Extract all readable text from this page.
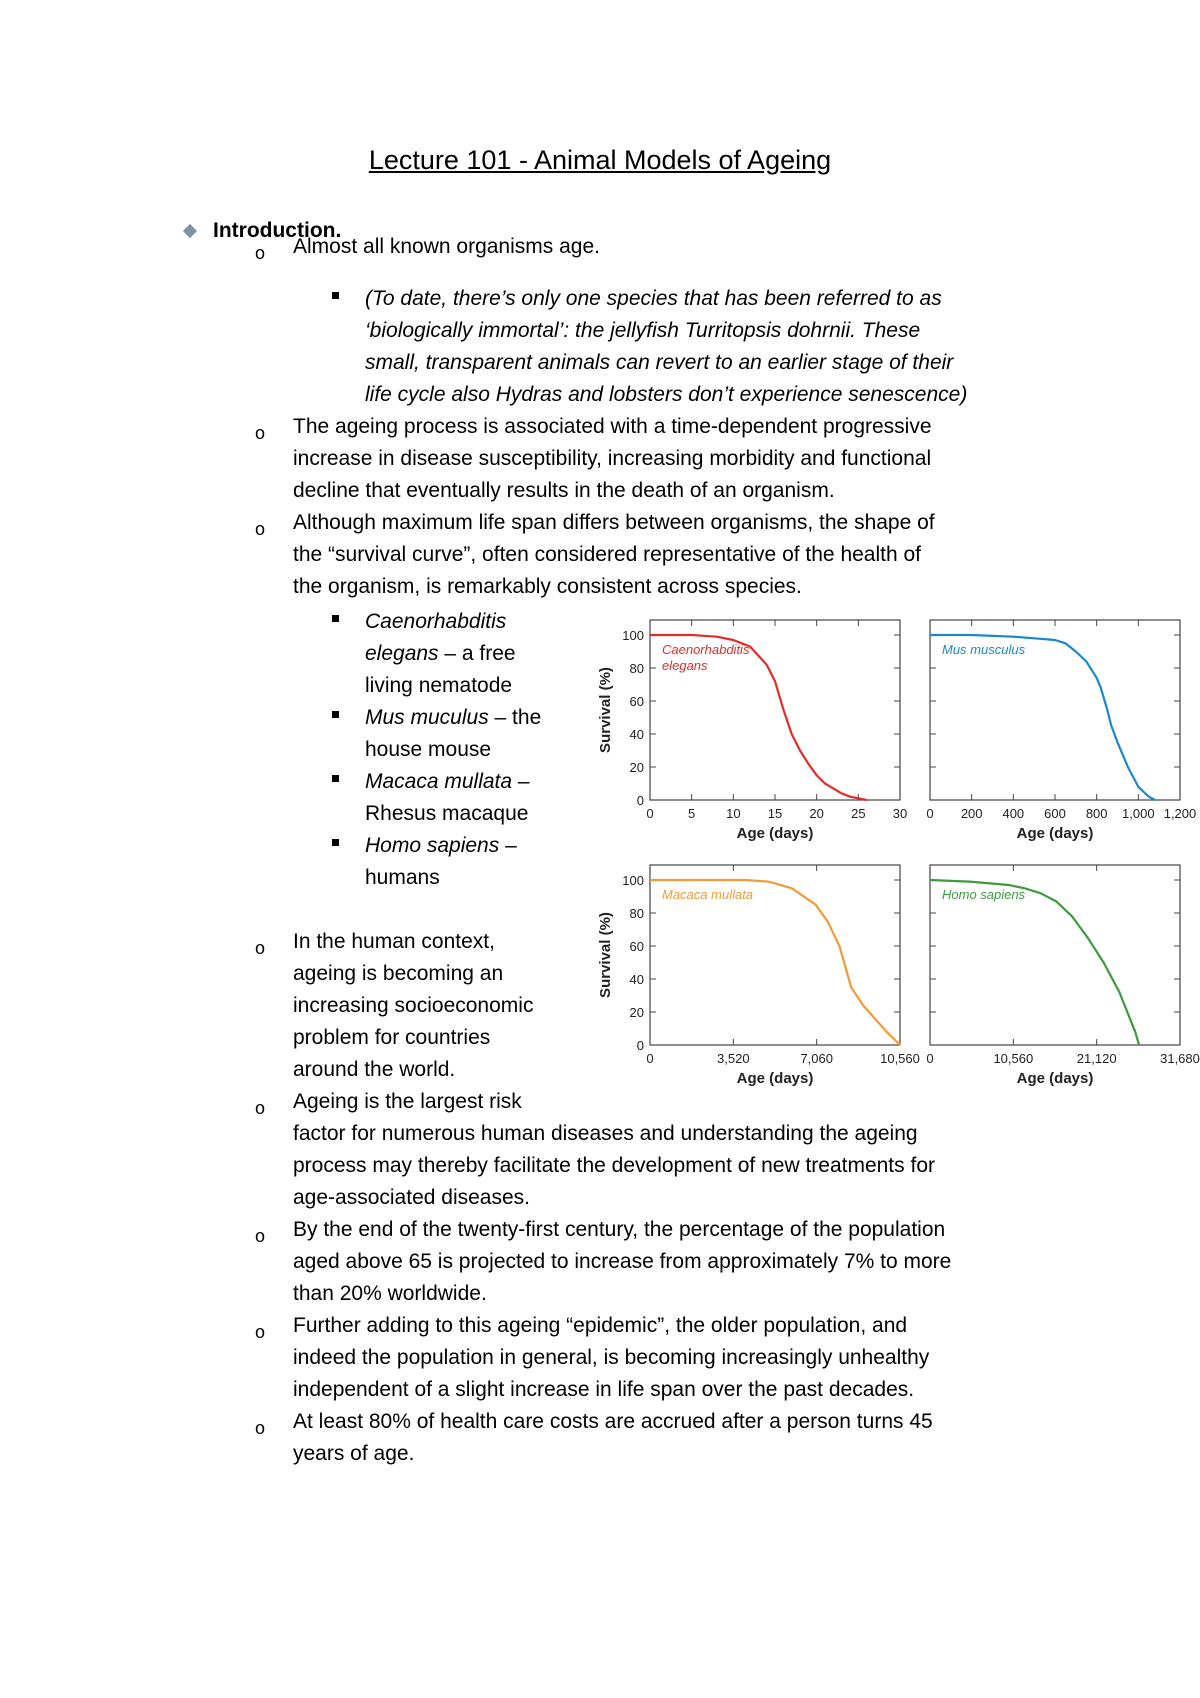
Lecture 101 - Animal Models of Ageing
Introduction.
o Almost all known organisms age.
(To date, there’s only one species that has been referred to as
‘biologically immortal’: the jellyfish Turritopsis dohrnii. These
small, transparent animals can revert to an earlier stage of their
life cycle also Hydras and lobsters don’t experience senescence)
o The ageing process is associated with a time-dependent progressive
increase in disease susceptibility, increasing morbidity and functional
decline that eventually results in the death of an organism.
o Although maximum life span differs between organisms, the shape of
the “survival curve”, often considered representative of the health of
the organism, is remarkably consistent across species.
Caenorhabditis
elegans – a free
living nematode
Mus muculus – the
house mouse
Macaca mullata –
Rhesus macaque
Homo sapiens –
humans
o In the human context,
ageing is becoming an
increasing socioeconomic
problem for countries
around the world.
o Ageing is the largest risk
factor for numerous human diseases and understanding the ageing
process may thereby facilitate the development of new treatments for
age-associated diseases.
o By the end of the twenty-first century, the percentage of the population
aged above 65 is projected to increase from approximately 7% to more
than 20% worldwide.
o Further adding to this ageing “epidemic”, the older population, and
indeed the population in general, is becoming increasingly unhealthy
independent of a slight increase in life span over the past decades.
o At least 80% of health care costs are accrued after a person turns 45
years of age.
0
20
40
60
80
100
0	5 10 15 20 25 30
Age (days)
Survival (%)
Caenorhabditis
elegans
0 200 400 600 800 1,000 1,200
Age (days)
Mus musculus
0
20
40
60
80
100
0	3,520	7,060	10,560
Age (days)
Survival (%)
Macaca mullata
0	10,560	21,120	31,680
Age (days)
Homo sapiens
